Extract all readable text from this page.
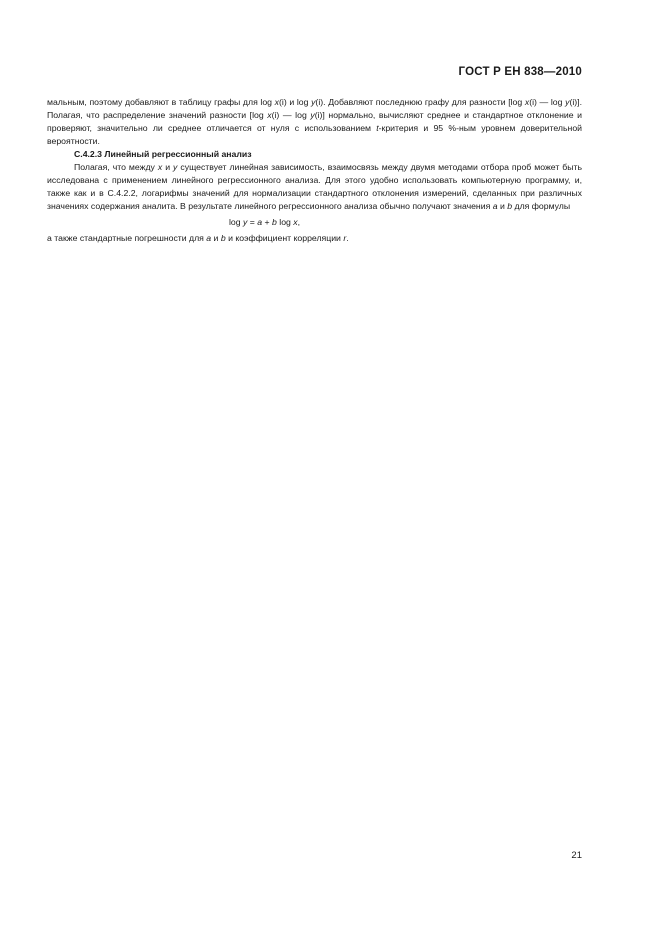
ГОСТ Р ЕН 838—2010

мальным, поэтому добавляют в таблицу графы для log x(i) и log y(i). Добавляют последнюю графу для разности [log x(i) — log y(i)]. Полагая, что распределение значений разности [log x(i) — log y(i)] нормально, вычисляют среднее и стандартное отклонение и проверяют, значительно ли среднее отличается от нуля с использованием t-критерия и 95 %-ным уровнем доверительной вероятности.

С.4.2.3 Линейный регрессионный анализ

Полагая, что между x и y существует линейная зависимость, взаимосвязь между двумя методами отбора проб может быть исследована с применением линейного регрессионного анализа. Для этого удобно использовать компьютерную программу, и, также как и в С.4.2.2, логарифмы значений для нормализации стандартного отклонения измерений, сделанных при различных значениях содержания аналита. В результате линейного регрессионного анализа обычно получают значения a и b для формулы

log y = a + b log x,

а также стандартные погрешности для a и b и коэффициент корреляции r.

21
